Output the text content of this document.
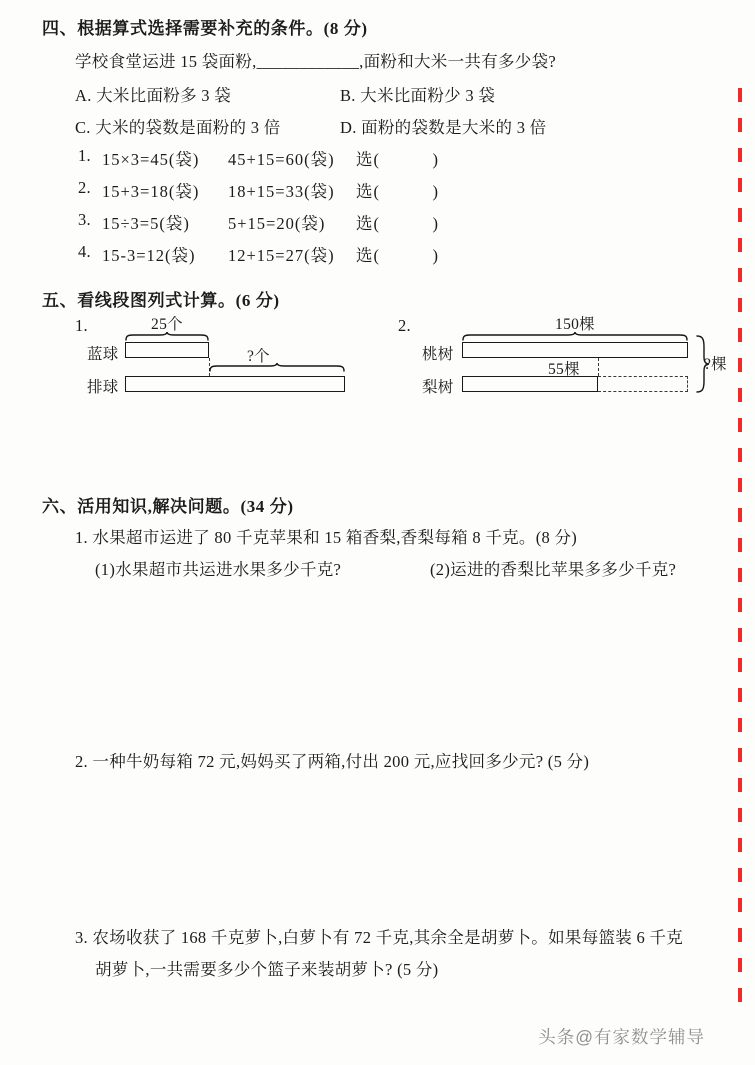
四、根据算式选择需要补充的条件。(8 分)
学校食堂运进 15 袋面粉,____________,面粉和大米一共有多少袋?
A. 大米比面粉多 3 袋	B. 大米比面粉少 3 袋
C. 大米的袋数是面粉的 3 倍	D. 面粉的袋数是大米的 3 倍
1. 15×3=45(袋)	45+15=60(袋)	选(　　　)
2. 15+3=18(袋)	18+15=33(袋)	选(　　　)
3. 15÷3=5(袋)	5+15=20(袋)	选(　　　)
4. 15-3=12(袋)	12+15=27(袋)	选(　　　)
五、看线段图列式计算。(6 分)
1.	25个
蓝球	?个
排球
2.	150棵
桃树
55棵
梨树
?棵
六、活用知识,解决问题。(34 分)
1. 水果超市运进了 80 千克苹果和 15 箱香梨,香梨每箱 8 千克。(8 分)
(1)水果超市共运进水果多少千克?	(2)运进的香梨比苹果多多少千克?
2. 一种牛奶每箱 72 元,妈妈买了两箱,付出 200 元,应找回多少元? (5 分)
3. 农场收获了 168 千克萝卜,白萝卜有 72 千克,其余全是胡萝卜。如果每篮装 6 千克
胡萝卜,一共需要多少个篮子来装胡萝卜? (5 分)
头条@有家数学辅导
